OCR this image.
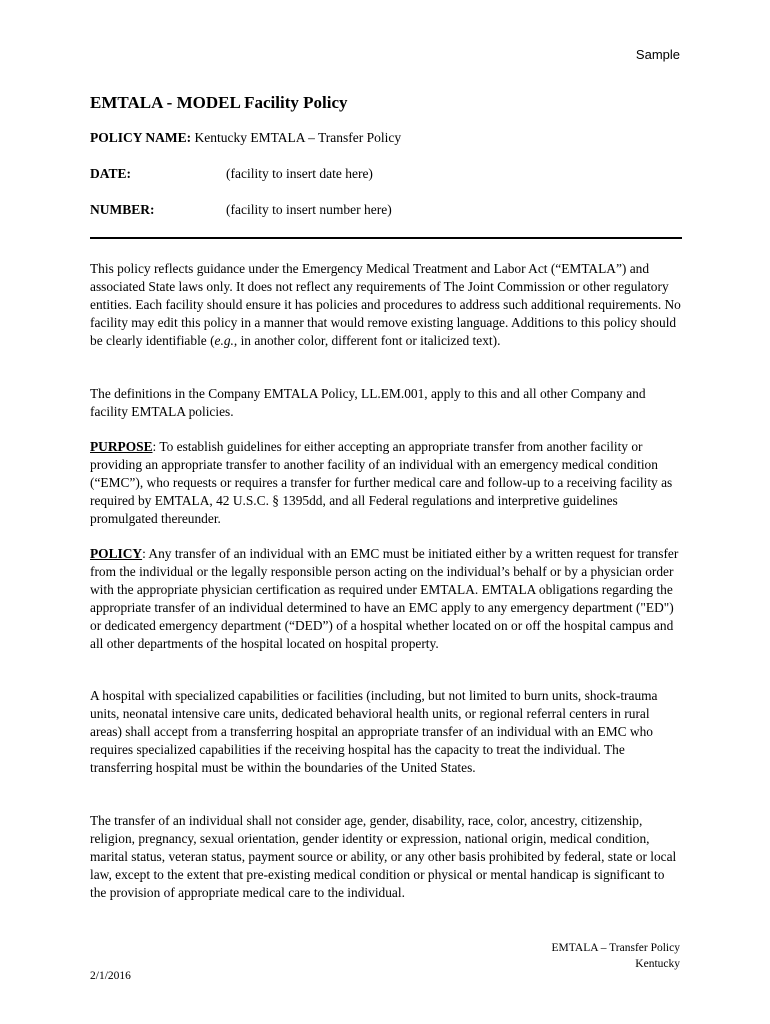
Sample
EMTALA - MODEL Facility Policy
POLICY NAME: Kentucky EMTALA – Transfer Policy
DATE:	(facility to insert date here)
NUMBER:	(facility to insert number here)

This policy reflects guidance under the Emergency Medical Treatment and Labor Act (“EMTALA”) and associated State laws only. It does not reflect any requirements of The Joint Commission or other regulatory entities. Each facility should ensure it has policies and procedures to address such additional requirements. No facility may edit this policy in a manner that would remove existing language. Additions to this policy should be clearly identifiable (e.g., in another color, different font or italicized text).

The definitions in the Company EMTALA Policy, LL.EM.001, apply to this and all other Company and facility EMTALA policies.

PURPOSE: To establish guidelines for either accepting an appropriate transfer from another facility or providing an appropriate transfer to another facility of an individual with an emergency medical condition (“EMC”), who requests or requires a transfer for further medical care and follow-up to a receiving facility as required by EMTALA, 42 U.S.C. § 1395dd, and all Federal regulations and interpretive guidelines promulgated thereunder.

POLICY: Any transfer of an individual with an EMC must be initiated either by a written request for transfer from the individual or the legally responsible person acting on the individual’s behalf or by a physician order with the appropriate physician certification as required under EMTALA. EMTALA obligations regarding the appropriate transfer of an individual determined to have an EMC apply to any emergency department ("ED") or dedicated emergency department (“DED”) of a hospital whether located on or off the hospital campus and all other departments of the hospital located on hospital property.

A hospital with specialized capabilities or facilities (including, but not limited to burn units, shock-trauma units, neonatal intensive care units, dedicated behavioral health units, or regional referral centers in rural areas) shall accept from a transferring hospital an appropriate transfer of an individual with an EMC who requires specialized capabilities if the receiving hospital has the capacity to treat the individual. The transferring hospital must be within the boundaries of the United States.

The transfer of an individual shall not consider age, gender, disability, race, color, ancestry, citizenship, religion, pregnancy, sexual orientation, gender identity or expression, national origin, medical condition, marital status, veteran status, payment source or ability, or any other basis prohibited by federal, state or local law, except to the extent that pre-existing medical condition or physical or mental handicap is significant to the provision of appropriate medical care to the individual.

EMTALA – Transfer Policy
Kentucky
2/1/2016
